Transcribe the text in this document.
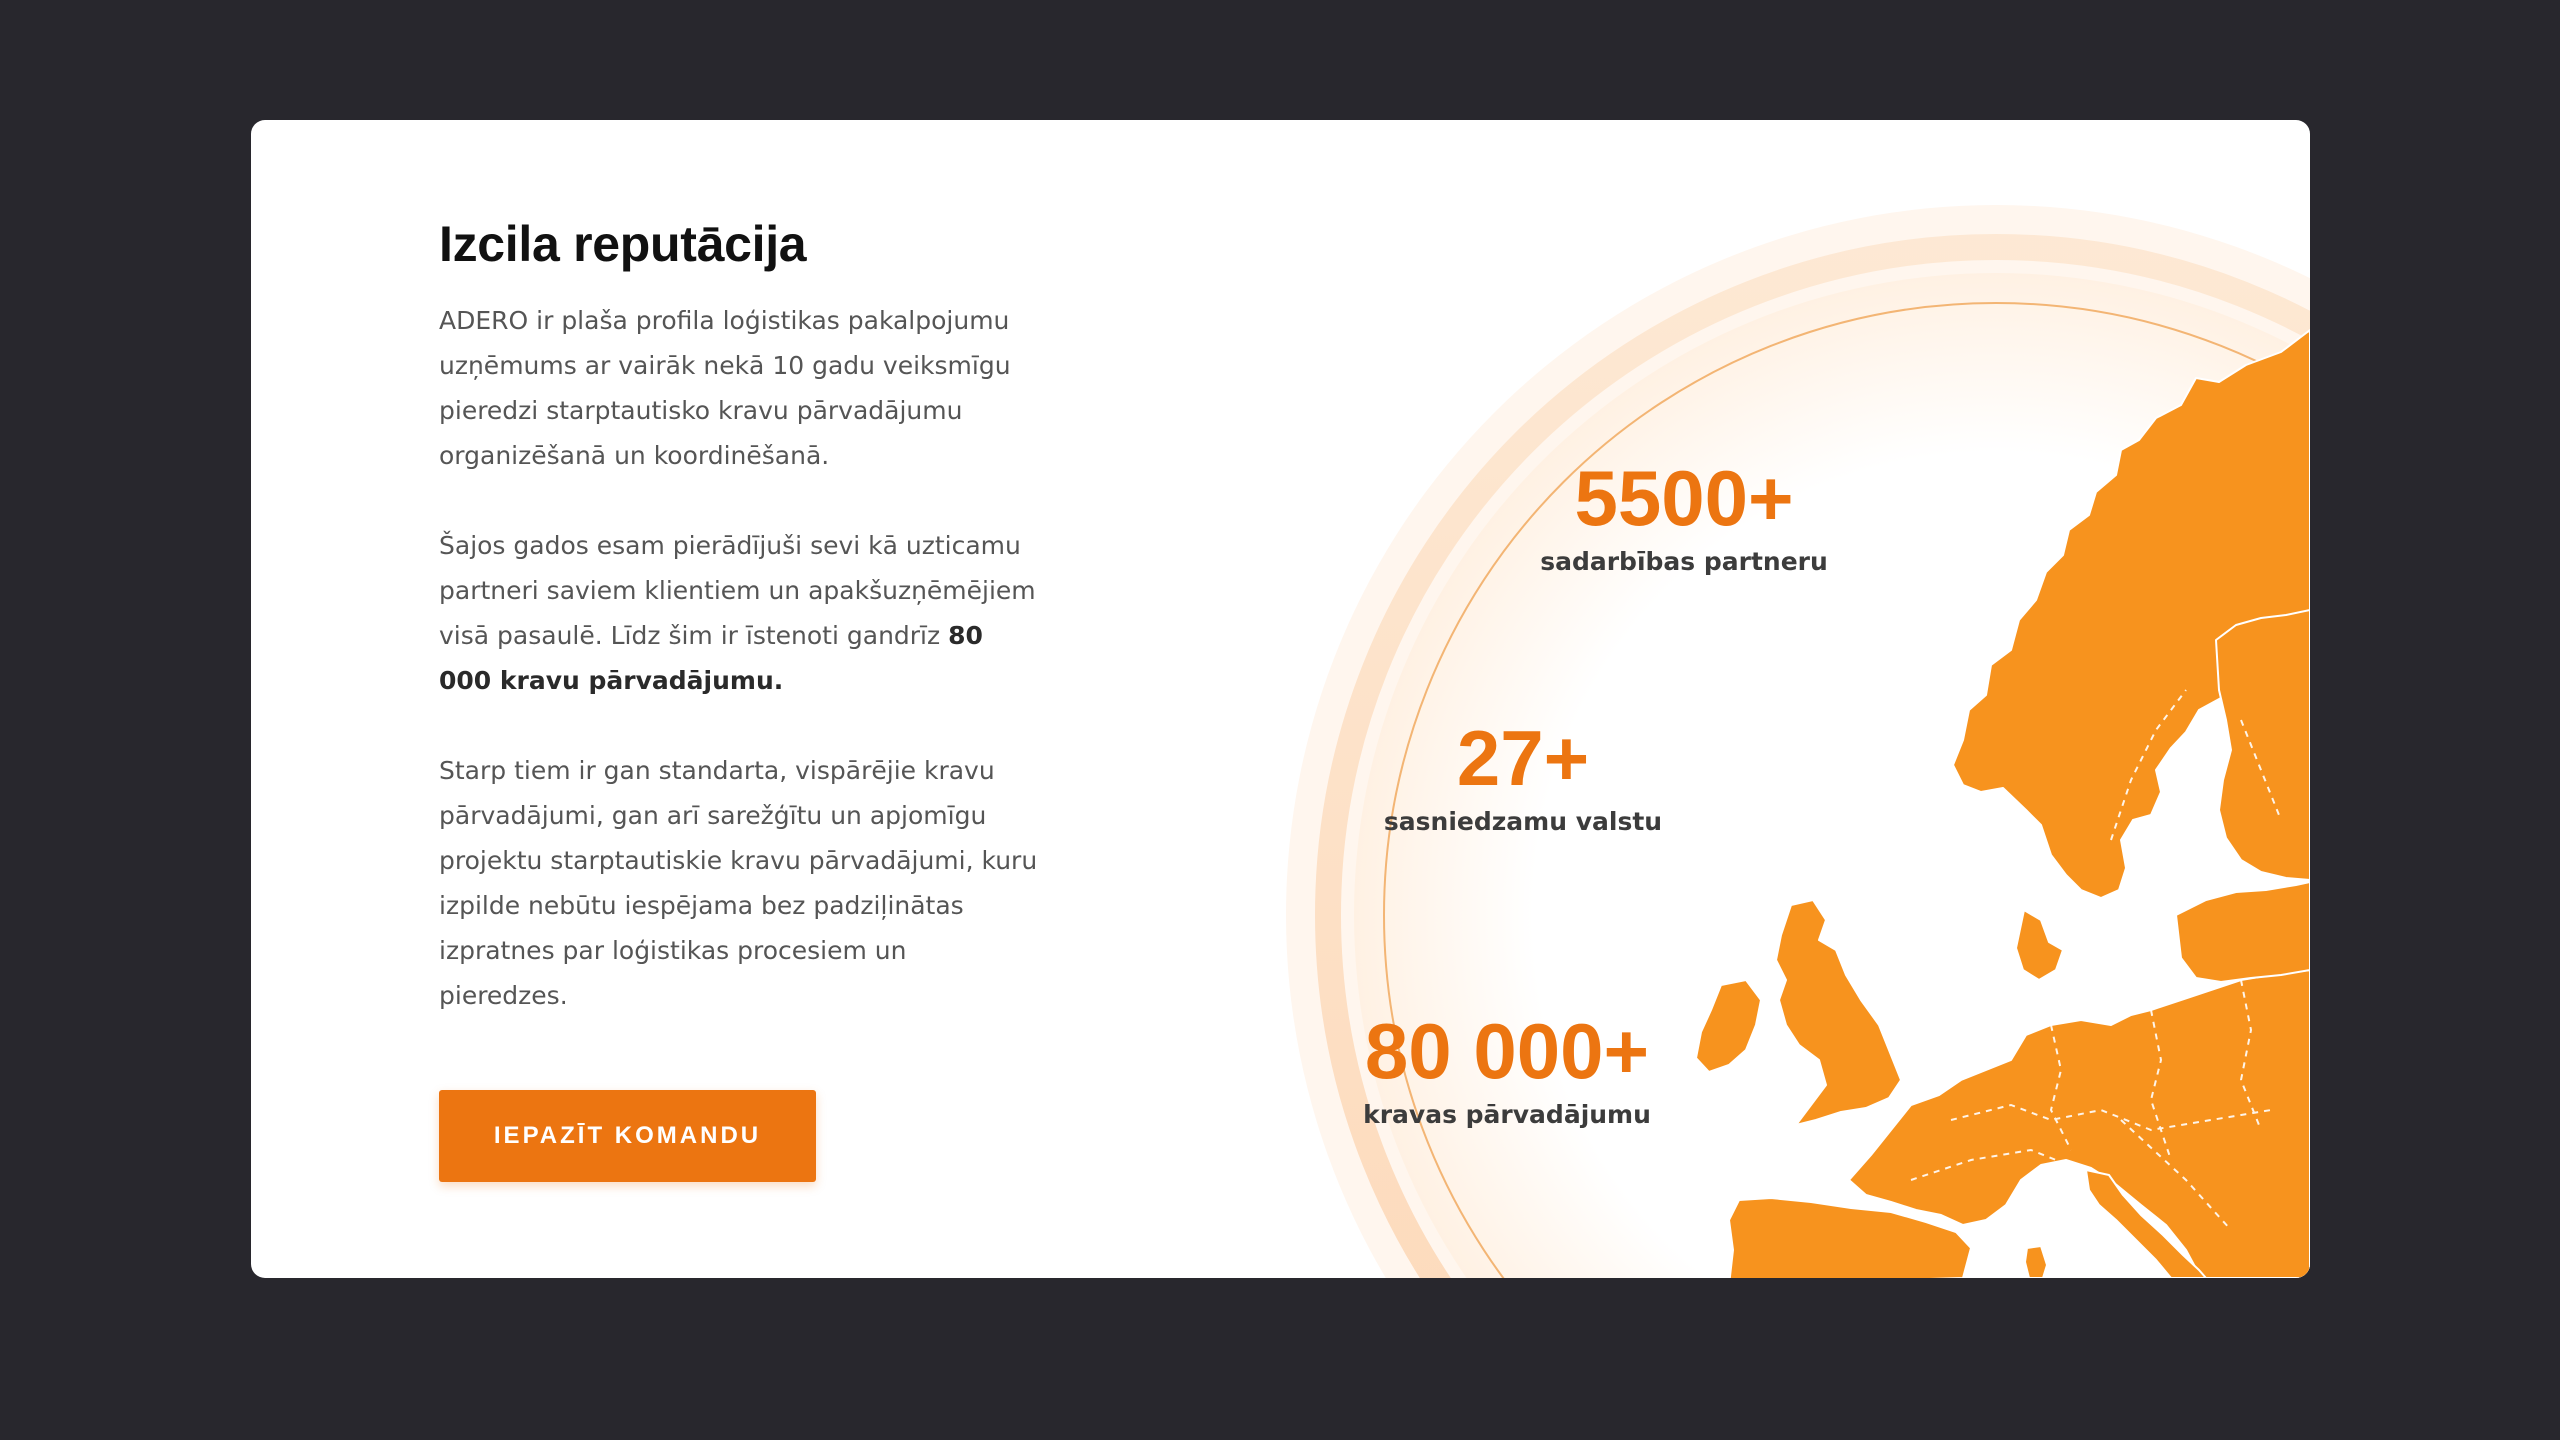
5500+
sadarbības partneru
27+
sasniedzamu valstu
80 000+
kravas pārvadājumu
Izcila reputācija

ADERO ir plaša profila loģistikas pakalpojumu uzņēmums ar vairāk nekā 10 gadu veiksmīgu pieredzi starptautisko kravu pārvadājumu organizēšanā un koordinēšanā.

Šajos gados esam pierādījuši sevi kā uzticamu partneri saviem klientiem un apakšuzņēmējiem visā pasaulē. Līdz šim ir īstenoti gandrīz 80 000 kravu pārvadājumu.

Starp tiem ir gan standarta, vispārējie kravu pārvadājumi, gan arī sarežģītu un apjomīgu projektu starptautiskie kravu pārvadājumi, kuru izpilde nebūtu iespējama bez padziļinātas izpratnes par loģistikas procesiem un pieredzes.

IEPAZĪT KOMANDU
